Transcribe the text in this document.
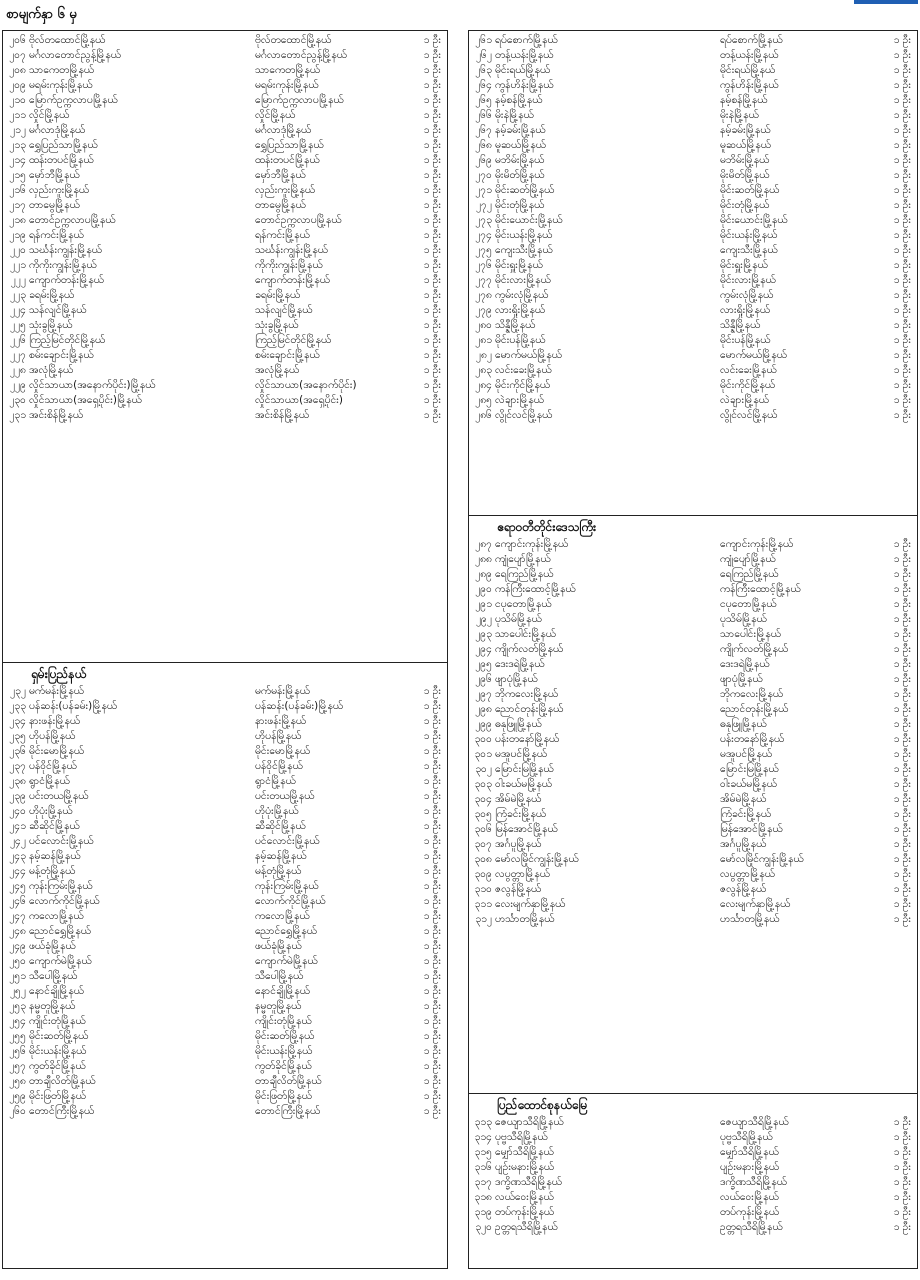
စာမျက်နှာ ၆ မှ
၂၀၆ ဗိုလ်တထောင်မြို့နယ်	ဗိုလ်တထောင်မြို့နယ်	၁ ဦး
၂၀၇ မင်္ဂလာတောင်ညွန့်မြို့နယ်	မင်္ဂလာတောင်ညွန့်မြို့နယ်	၁ ဦး
၂၀၈ သာကေတမြို့နယ်	သာကေတမြို့နယ်	၁ ဦး
၂၀၉ မရမ်းကုန်းမြို့နယ်	မရမ်းကုန်းမြို့နယ်	၁ ဦး
၂၁၀ မြောက်ဥက္ကလာပမြို့နယ်	မြောက်ဥက္ကလာပမြို့နယ်	၁ ဦး
၂၁၁ လှိုင်မြို့နယ်	လှိုင်မြို့နယ်	၁ ဦး
၂၁၂ မင်္ဂလာဒုံမြို့နယ်	မင်္ဂလာဒုံမြို့နယ်	၁ ဦး
၂၁၃ ရွှေပြည်သာမြို့နယ်	ရွှေပြည်သာမြို့နယ်	၁ ဦး
၂၁၄ ထန်းတပင်မြို့နယ်	ထန်းတပင်မြို့နယ်	၁ ဦး
၂၁၅ မှော်ဘီမြို့နယ်	မှော်ဘီမြို့နယ်	၁ ဦး
၂၁၆ လှည်းကူးမြို့နယ်	လှည်းကူးမြို့နယ်	၁ ဦး
၂၁၇ တာမွေမြို့နယ်	တာမွေမြို့နယ်	၁ ဦး
၂၁၈ တောင်ဥက္ကလာပမြို့နယ်	တောင်ဥက္ကလာပမြို့နယ်	၁ ဦး
၂၁၉ ရန်ကင်းမြို့နယ်	ရန်ကင်းမြို့နယ်	၁ ဦး
၂၂၀ သင်္ဃန်းကျွန်းမြို့နယ်	သင်္ဃန်းကျွန်းမြို့နယ်	၁ ဦး
၂၂၁ ကိုကိုးကျွန်းမြို့နယ်	ကိုကိုးကျွန်းမြို့နယ်	၁ ဦး
၂၂၂ ကျောက်တန်းမြို့နယ်	ကျောက်တန်းမြို့နယ်	၁ ဦး
၂၂၃ ခရမ်းမြို့နယ်	ခရမ်းမြို့နယ်	၁ ဦး
၂၂၄ သန်လျင်မြို့နယ်	သန်လျင်မြို့နယ်	၁ ဦး
၂၂၅ သုံးခွမြို့နယ်	သုံးခွမြို့နယ်	၁ ဦး
၂၂၆ ကြည့်မြင်တိုင်မြို့နယ်	ကြည့်မြင်တိုင်မြို့နယ်	၁ ဦး
၂၂၇ စမ်းချောင်းမြို့နယ်	စမ်းချောင်းမြို့နယ်	၁ ဦး
၂၂၈ အလုံမြို့နယ်	အလုံမြို့နယ်	၁ ဦး
၂၂၉ လှိုင်သာယာ(အနောက်ပိုင်း)မြို့နယ်	လှိုင်သာယာ(အနောက်ပိုင်း)	၁ ဦး
၂၃၀ လှိုင်သာယာ(အရှေ့ပိုင်း)မြို့နယ်	လှိုင်သာယာ(အရှေ့ပိုင်း)	၁ ဦး
၂၃၁ အင်းစိန်မြို့နယ်	အင်းစိန်မြို့နယ်	၁ ဦး
ရှမ်းပြည်နယ်
၂၃၂ မက်မန်းမြို့နယ်	မက်မန်းမြို့နယ်	၁ ဦး
၂၃၃ ပန်ဆန်း(ပန်ခမ်း)မြို့နယ်	ပန်ဆန်း(ပန်ခမ်း)မြို့နယ်	၁ ဦး
၂၃၄ နားဖန်းမြို့နယ်	နားဖန်းမြို့နယ်	၁ ဦး
၂၃၅ ဟိုပန်မြို့နယ်	ဟိုပန်မြို့နယ်	၁ ဦး
၂၃၆ မိုင်းမောမြို့နယ်	မိုင်းမောမြို့နယ်	၁ ဦး
၂၃၇ ပန်ဝိုင်မြို့နယ်	ပန်ဝိုင်မြို့နယ်	၁ ဦး
၂၃၈ ရွာငံမြို့နယ်	ရွာငံမြို့နယ်	၁ ဦး
၂၃၉ ပင်းတယမြို့နယ်	ပင်းတယမြို့နယ်	၁ ဦး
၂၄၀ ဟိုပုံးမြို့နယ်	ဟိုပုံးမြို့နယ်	၁ ဦး
၂၄၁ ဆီဆိုင်မြို့နယ်	ဆီဆိုင်မြို့နယ်	၁ ဦး
၂၄၂ ပင်လောင်းမြို့နယ်	ပင်လောင်းမြို့နယ်	၁ ဦး
၂၄၃ နမ့်ဆန်မြို့နယ်	နမ့်ဆန်မြို့နယ်	၁ ဦး
၂၄၄ မန့်တုံမြို့နယ်	မန့်တုံမြို့နယ်	၁ ဦး
၂၄၅ ကုန်းကြမ်းမြို့နယ်	ကုန်းကြမ်းမြို့နယ်	၁ ဦး
၂၄၆ လောက်ကိုင်မြို့နယ်	လောက်ကိုင်မြို့နယ်	၁ ဦး
၂၄၇ ကလောမြို့နယ်	ကလောမြို့နယ်	၁ ဦး
၂၄၈ ညောင်ရွှေမြို့နယ်	ညောင်ရွှေမြို့နယ်	၁ ဦး
၂၄၉ ဖယ်ခုံမြို့နယ်	ဖယ်ခုံမြို့နယ်	၁ ဦး
၂၅၀ ကျောက်မဲမြို့နယ်	ကျောက်မဲမြို့နယ်	၁ ဦး
၂၅၁ သီပေါမြို့နယ်	သီပေါမြို့နယ်	၁ ဦး
၂၅၂ နောင်ချိုမြို့နယ်	နောင်ချိုမြို့နယ်	၁ ဦး
၂၅၃ နမ္မတူမြို့နယ်	နမ္မတူမြို့နယ်	၁ ဦး
၂၅၄ ကျိုင်းတုံမြို့နယ်	ကျိုင်းတုံမြို့နယ်	၁ ဦး
၂၅၅ မိုင်းဆတ်မြို့နယ်	မိုင်းဆတ်မြို့နယ်	၁ ဦး
၂၅၆ မိုင်းယန်းမြို့နယ်	မိုင်းယန်းမြို့နယ်	၁ ဦး
၂၅၇ ကွတ်ခိုင်မြို့နယ်	ကွတ်ခိုင်မြို့နယ်	၁ ဦး
၂၅၈ တာချီလိတ်မြို့နယ်	တာချီလိတ်မြို့နယ်	၁ ဦး
၂၅၉ မိုင်းဖြတ်မြို့နယ်	မိုင်းဖြတ်မြို့နယ်	၁ ဦး
၂၆၀ တောင်ကြီးမြို့နယ်	တောင်ကြီးမြို့နယ်	၁ ဦး
၂၆၁ ရပ်စောက်မြို့နယ်	ရပ်စောက်မြို့နယ်	၁ ဦး
၂၆၂ တန့်ယန်းမြို့နယ်	တန့်ယန်းမြို့နယ်	၁ ဦး
၂၆၃ မိုင်းရယ်မြို့နယ်	မိုင်းရယ်မြို့နယ်	၁ ဦး
၂၆၄ ကွန်ဟိန်းမြို့နယ်	ကွန်ဟိန်းမြို့နယ်	၁ ဦး
၂၆၅ နမ့်စန်မြို့နယ်	နမ့်စန်မြို့နယ်	၁ ဦး
၂၆၆ မိုးနဲမြို့နယ်	မိုးနဲမြို့နယ်	၁ ဦး
၂၆၇ နမ့်ခမ်းမြို့နယ်	နမ့်ခမ်းမြို့နယ်	၁ ဦး
၂၆၈ မူဆယ်မြို့နယ်	မူဆယ်မြို့နယ်	၁ ဦး
၂၆၉ မဘိမ်းမြို့နယ်	မဘိမ်းမြို့နယ်	၁ ဦး
၂၇၀ မိုးမိတ်မြို့နယ်	မိုးမိတ်မြို့နယ်	၁ ဦး
၂၇၁ မိုင်းဆတ်မြို့နယ်	မိုင်းဆတ်မြို့နယ်	၁ ဦး
၂၇၂ မိုင်းတုံမြို့နယ်	မိုင်းတုံမြို့နယ်	၁ ဦး
၂၇၃ မိုင်းယောင်းမြို့နယ်	မိုင်းယောင်းမြို့နယ်	၁ ဦး
၂၇၄ မိုင်းယန်းမြို့နယ်	မိုင်းယန်းမြို့နယ်	၁ ဦး
၂၇၅ ကျေးသီးမြို့နယ်	ကျေးသီးမြို့နယ်	၁ ဦး
၂၇၆ မိုင်းရှူးမြို့နယ်	မိုင်းရှူးမြို့နယ်	၁ ဦး
၂၇၇ မိုင်းလားမြို့နယ်	မိုင်းလားမြို့နယ်	၁ ဦး
၂၇၈ ကွမ်းလုံမြို့နယ်	ကွမ်းလုံမြို့နယ်	၁ ဦး
၂၇၉ လားရှိုးမြို့နယ်	လားရှိုးမြို့နယ်	၁ ဦး
၂၈၀ သိန္နီမြို့နယ်	သိန္နီမြို့နယ်	၁ ဦး
၂၈၁ မိုင်းပန်မြို့နယ်	မိုင်းပန်မြို့နယ်	၁ ဦး
၂၈၂ မောက်မယ်မြို့နယ်	မောက်မယ်မြို့နယ်	၁ ဦး
၂၈၃ လင်းခေးမြို့နယ်	လင်းခေးမြို့နယ်	၁ ဦး
၂၈၄ မိုင်းကိုင်မြို့နယ်	မိုင်းကိုင်မြို့နယ်	၁ ဦး
၂၈၅ လဲချားမြို့နယ်	လဲချားမြို့နယ်	၁ ဦး
၂၈၆ လွိုင်လင်မြို့နယ်	လွိုင်လင်မြို့နယ်	၁ ဦး
ဧရာဝတီတိုင်းဒေသကြီး
၂၈၇ ကျောင်းကုန်းမြို့နယ်	ကျောင်းကုန်းမြို့နယ်	၁ ဦး
၂၈၈ ကျုံပျော်မြို့နယ်	ကျုံပျော်မြို့နယ်	၁ ဦး
၂၈၉ ရေကြည်မြို့နယ်	ရေကြည်မြို့နယ်	၁ ဦး
၂၉၀ ကန်ကြီးထောင့်မြို့နယ်	ကန်ကြီးထောင့်မြို့နယ်	၁ ဦး
၂၉၁ ငပုတောမြို့နယ်	ငပုတောမြို့နယ်	၁ ဦး
၂၉၂ ပုသိမ်မြို့နယ်	ပုသိမ်မြို့နယ်	၁ ဦး
၂၉၃ သာပေါင်းမြို့နယ်	သာပေါင်းမြို့နယ်	၁ ဦး
၂၉၄ ကျိုက်လတ်မြို့နယ်	ကျိုက်လတ်မြို့နယ်	၁ ဦး
၂၉၅ ဒေးဒရဲမြို့နယ်	ဒေးဒရဲမြို့နယ်	၁ ဦး
၂၉၆ ဖျာပုံမြို့နယ်	ဖျာပုံမြို့နယ်	၁ ဦး
၂၉၇ ဘိုကလေးမြို့နယ်	ဘိုကလေးမြို့နယ်	၁ ဦး
၂၉၈ ညောင်တုန်းမြို့နယ်	ညောင်တုန်းမြို့နယ်	၁ ဦး
၂၉၉ ဓနုဖြူမြို့နယ်	ဓနုဖြူမြို့နယ်	၁ ဦး
၃၀၀ ပန်းတနော်မြို့နယ်	ပန်းတနော်မြို့နယ်	၁ ဦး
၃၀၁ မအူပင်မြို့နယ်	မအူပင်မြို့နယ်	၁ ဦး
၃၀၂ မြောင်းမြမြို့နယ်	မြောင်းမြမြို့နယ်	၁ ဦး
၃၀၃ ဝါးခယ်မမြို့နယ်	ဝါးခယ်မမြို့နယ်	၁ ဦး
၃၀၄ အိမ်မဲမြို့နယ်	အိမ်မဲမြို့နယ်	၁ ဦး
၃၀၅ ကြံခင်းမြို့နယ်	ကြံခင်းမြို့နယ်	၁ ဦး
၃၀၆ မြန်အောင်မြို့နယ်	မြန်အောင်မြို့နယ်	၁ ဦး
၃၀၇ အင်္ဂပူမြို့နယ်	အင်္ဂပူမြို့နယ်	၁ ဦး
၃၀၈ မော်လမြိုင်ကျွန်းမြို့နယ်	မော်လမြိုင်ကျွန်းမြို့နယ်	၁ ဦး
၃၀၉ လပွတ္တာမြို့နယ်	လပွတ္တာမြို့နယ်	၁ ဦး
၃၁၀ ဇလွန်မြို့နယ်	ဇလွန်မြို့နယ်	၁ ဦး
၃၁၁ လေးမျက်နှာမြို့နယ်	လေးမျက်နှာမြို့နယ်	၁ ဦး
၃၁၂ ဟင်္သာတမြို့နယ်	ဟင်္သာတမြို့နယ်	၁ ဦး
ပြည်ထောင်စုနယ်မြေ
၃၁၃ ဇေယျာသီရိမြို့နယ်	ဇေယျာသီရိမြို့နယ်	၁ ဦး
၃၁၄ ပုဗ္ဗသီရိမြို့နယ်	ပုဗ္ဗသီရိမြို့နယ်	၁ ဦး
၃၁၅ မျှော်သီရိမြို့နယ်	မျှော်သီရိမြို့နယ်	၁ ဦး
၃၁၆ ပျဉ်းမနားမြို့နယ်	ပျဉ်းမနားမြို့နယ်	၁ ဦး
၃၁၇ ဒက္ခိဏသီရိမြို့နယ်	ဒက္ခိဏသီရိမြို့နယ်	၁ ဦး
၃၁၈ လယ်ဝေးမြို့နယ်	လယ်ဝေးမြို့နယ်	၁ ဦး
၃၁၉ တပ်ကုန်းမြို့နယ်	တပ်ကုန်းမြို့နယ်	၁ ဦး
၃၂၀ ဥတ္တရသီရိမြို့နယ်	ဥတ္တရသီရိမြို့နယ်	၁ ဦး
